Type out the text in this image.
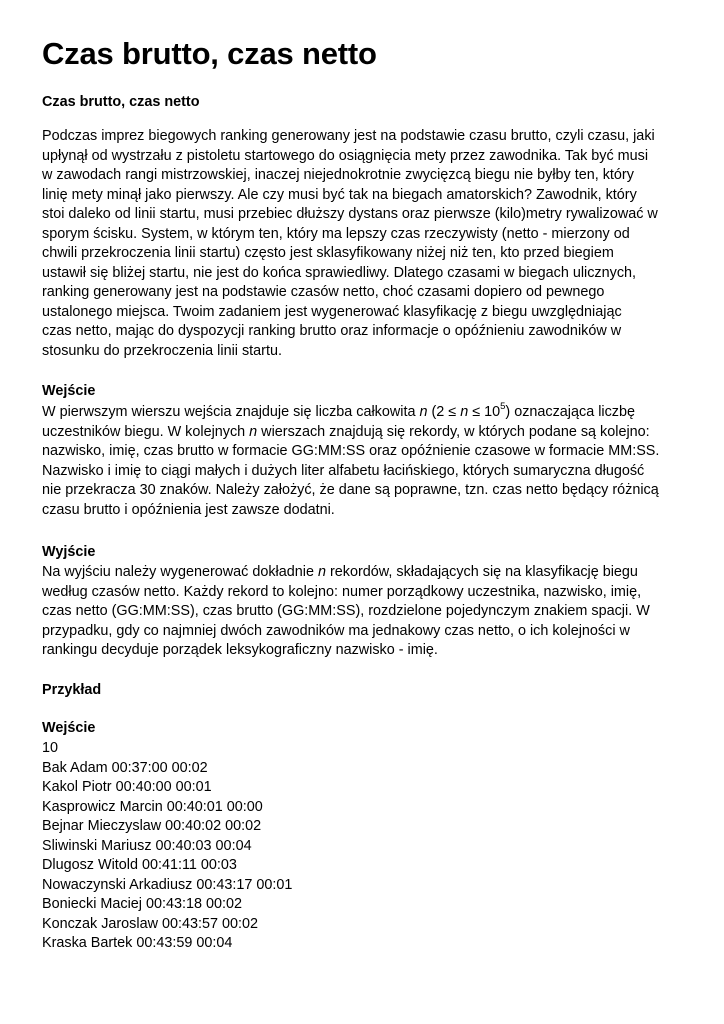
Czas brutto, czas netto
Czas brutto, czas netto
Podczas imprez biegowych ranking generowany jest na podstawie czasu brutto, czyli czasu, jaki
upłynął od wystrzału z pistoletu startowego do osiągnięcia mety przez zawodnika. Tak być musi
w zawodach rangi mistrzowskiej, inaczej niejednokrotnie zwycięzcą biegu nie byłby ten, który
linię mety minął jako pierwszy. Ale czy musi być tak na biegach amatorskich? Zawodnik, który
stoi daleko od linii startu, musi przebiec dłuższy dystans oraz pierwsze (kilo)metry rywalizować w
sporym ścisku. System, w którym ten, który ma lepszy czas rzeczywisty (netto - mierzony od
chwili przekroczenia linii startu) często jest sklasyfikowany niżej niż ten, kto przed biegiem
ustawił się bliżej startu, nie jest do końca sprawiedliwy. Dlatego czasami w biegach ulicznych,
ranking generowany jest na podstawie czasów netto, choć czasami dopiero od pewnego
ustalonego miejsca. Twoim zadaniem jest wygenerować klasyfikację z biegu uwzględniając
czas netto, mając do dyspozycji ranking brutto oraz informacje o opóźnieniu zawodników w
stosunku do przekroczenia linii startu.
Wejście
W pierwszym wierszu wejścia znajduje się liczba całkowita n $(2 \le n \le 10^5)$ oznaczająca liczbę
uczestników biegu. W kolejnych n wierszach znajdują się rekordy, w których podane są kolejno:
nazwisko, imię, czas brutto w formacie GG:MM:SS oraz opóźnienie czasowe w formacie MM:SS.
Nazwisko i imię to ciągi małych i dużych liter alfabetu łacińskiego, których sumaryczna długość
nie przekracza 30 znaków. Należy założyć, że dane są poprawne, tzn. czas netto będący różnicą
czasu brutto i opóźnienia jest zawsze dodatni.
Wyjście
Na wyjściu należy wygenerować dokładnie n rekordów, składających się na klasyfikację biegu
według czasów netto. Każdy rekord to kolejno: numer porządkowy uczestnika, nazwisko, imię,
czas netto (GG:MM:SS), czas brutto (GG:MM:SS), rozdzielone pojedynczym znakiem spacji. W
przypadku, gdy co najmniej dwóch zawodników ma jednakowy czas netto, o ich kolejności w
rankingu decyduje porządek leksykograficzny nazwisko - imię.
Przykład
Wejście
10
Bak Adam 00:37:00 00:02
Kakol Piotr 00:40:00 00:01
Kasprowicz Marcin 00:40:01 00:00
Bejnar Mieczyslaw 00:40:02 00:02
Sliwinski Mariusz 00:40:03 00:04
Dlugosz Witold 00:41:11 00:03
Nowaczynski Arkadiusz 00:43:17 00:01
Boniecki Maciej 00:43:18 00:02
Konczak Jaroslaw 00:43:57 00:02
Kraska Bartek 00:43:59 00:04
